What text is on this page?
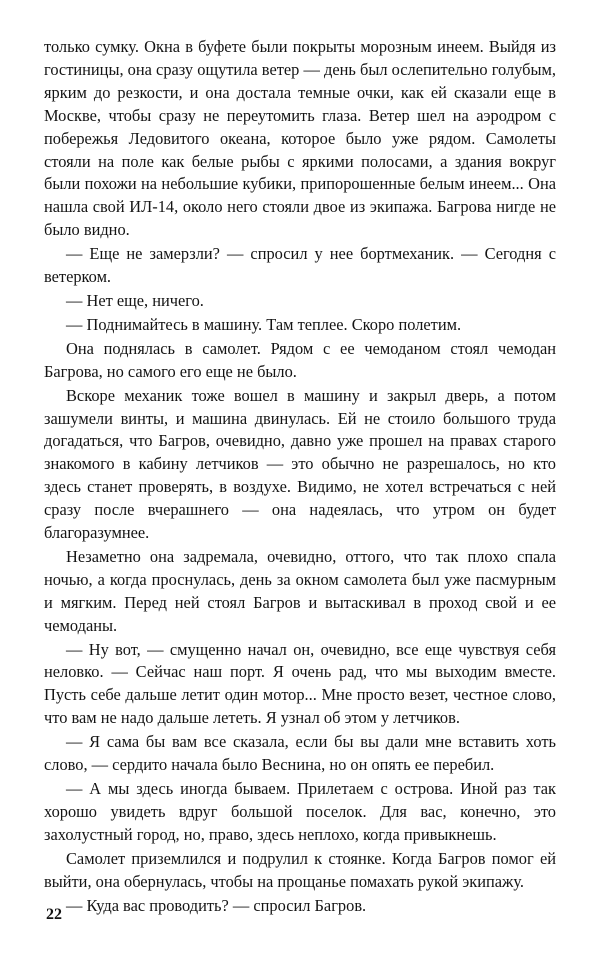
только сумку. Окна в буфете были покрыты морозным инеем. Выйдя из гостиницы, она сразу ощутила ветер — день был ослепительно голубым, ярким до резкости, и она достала темные очки, как ей сказали еще в Москве, чтобы сразу не переутомить глаза. Ветер шел на аэродром с побережья Ледовитого океана, которое было уже рядом. Самолеты стояли на поле как белые рыбы с яркими полосами, а здания вокруг были похожи на небольшие кубики, припорошенные белым инеем... Она нашла свой ИЛ-14, около него стояли двое из экипажа. Багрова нигде не было видно.

— Еще не замерзли? — спросил у нее бортмеханик. — Сегодня с ветерком.

— Нет еще, ничего.

— Поднимайтесь в машину. Там теплее. Скоро полетим.

Она поднялась в самолет. Рядом с ее чемоданом стоял чемодан Багрова, но самого его еще не было.

Вскоре механик тоже вошел в машину и закрыл дверь, а потом зашумели винты, и машина двинулась. Ей не стоило большого труда догадаться, что Багров, очевидно, давно уже прошел на правах старого знакомого в кабину летчиков — это обычно не разрешалось, но кто здесь станет проверять, в воздухе. Видимо, не хотел встречаться с ней сразу после вчерашнего — она надеялась, что утром он будет благоразумнее.

Незаметно она задремала, очевидно, оттого, что так плохо спала ночью, а когда проснулась, день за окном самолета был уже пасмурным и мягким. Перед ней стоял Багров и вытаскивал в проход свой и ее чемоданы.

— Ну вот, — смущенно начал он, очевидно, все еще чувствуя себя неловко. — Сейчас наш порт. Я очень рад, что мы выходим вместе. Пусть себе дальше летит один мотор... Мне просто везет, честное слово, что вам не надо дальше лететь. Я узнал об этом у летчиков.

— Я сама бы вам все сказала, если бы вы дали мне вставить хоть слово, — сердито начала было Веснина, но он опять ее перебил.

— А мы здесь иногда бываем. Прилетаем с острова. Иной раз так хорошо увидеть вдруг большой поселок. Для вас, конечно, это захолустный город, но, право, здесь неплохо, когда привыкнешь.

Самолет приземлился и подрулил к стоянке. Когда Багров помог ей выйти, она обернулась, чтобы на прощанье помахать рукой экипажу.

— Куда вас проводить? — спросил Багров.

22
